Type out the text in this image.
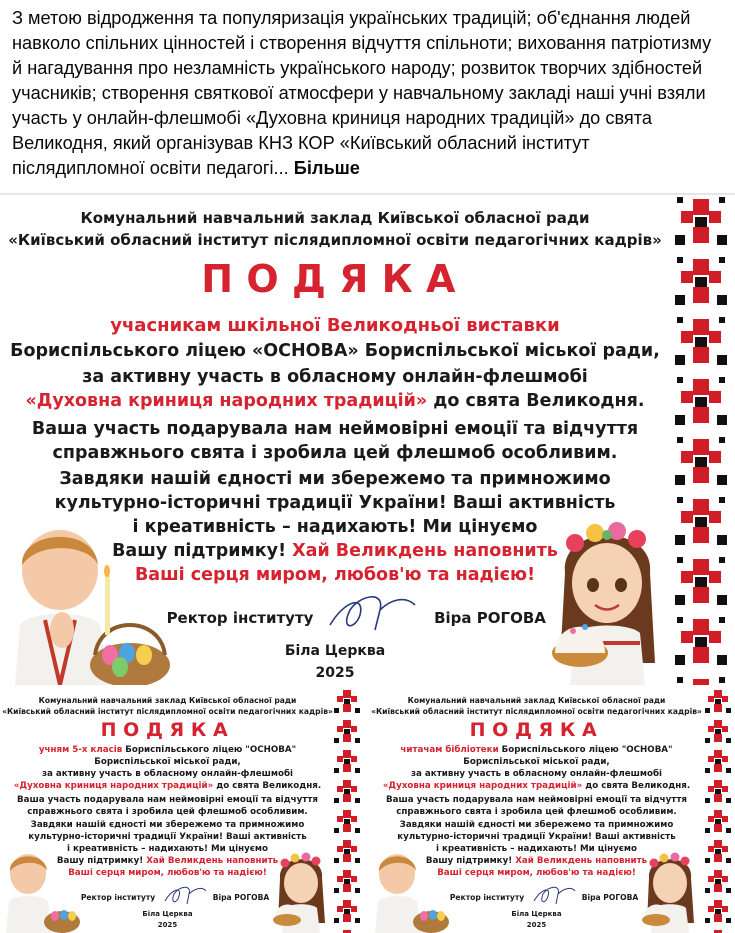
З метою відродження та популяризація українських традицій; об'єднання людей навколо спільних цінностей і створення відчуття спільноти; виховання патріотизму й нагадування про незламність українського народу; розвиток творчих здібностей учасників; створення святкової атмосфери у навчальному закладі наші учні взяли участь у онлайн-флешмобі «Духовна криниця народних традицій» до свята Великодня, який організував КНЗ КОР «Київський обласний інститут післядипломної освіти педагогі... Більше
Комунальний навчальний заклад Київської обласної ради
«Київський обласний інститут післядипломної освіти педагогічних кадрів»
ПОДЯКА
учасникам шкільної Великодньої виставки
Бориспільського ліцею «ОСНОВА» Бориспільської міської ради,
за активну участь в обласному онлайн-флешмобі
«Духовна криниця народних традицій» до свята Великодня.
Ваша участь подарувала нам неймовірні емоції та відчуття
справжнього свята і зробила цей флешмоб особливим.
Завдяки нашій єдності ми збережемо та примножимо
культурно-історичні традиції України! Ваші активність
і креативність – надихають! Ми цінуємо
Вашу підтримку! Хай Великдень наповнить
Ваші серця миром, любов'ю та надією!
Ректор інституту	Віра РОГОВА
Біла Церква
2025
Комунальний навчальний заклад Київської обласної ради
«Київський обласний інститут післядипломної освіти педагогічних кадрів»
ПОДЯКА
учням 5-х класів Бориспільського ліцею "ОСНОВА"
Бориспільської міської ради,
за активну участь в обласному онлайн-флешмобі
«Духовна криниця народних традицій» до свята Великодня.
Ваша участь подарувала нам неймовірні емоції та відчуття
справжнього свята і зробила цей флешмоб особливим.
Завдяки нашій єдності ми збережемо та примножимо
культурно-історичні традиції України! Ваші активність
і креативність – надихають! Ми цінуємо
Вашу підтримку! Хай Великдень наповнить
Ваші серця миром, любов'ю та надією!
Ректор інституту	Віра РОГОВА
Біла Церква
2025
Комунальний навчальний заклад Київської обласної ради
«Київський обласний інститут післядипломної освіти педагогічних кадрів»
ПОДЯКА
читачам бібліотеки Бориспільського ліцею "ОСНОВА"
Бориспільської міської ради,
за активну участь в обласному онлайн-флешмобі
«Духовна криниця народних традицій» до свята Великодня.
Ваша участь подарувала нам неймовірні емоції та відчуття
справжнього свята і зробила цей флешмоб особливим.
Завдяки нашій єдності ми збережемо та примножимо
культурно-історичні традиції України! Ваші активність
і креативність – надихають! Ми цінуємо
Вашу підтримку! Хай Великдень наповнить
Ваші серця миром, любов'ю та надією!
Ректор інституту	Віра РОГОВА
Біла Церква
2025
